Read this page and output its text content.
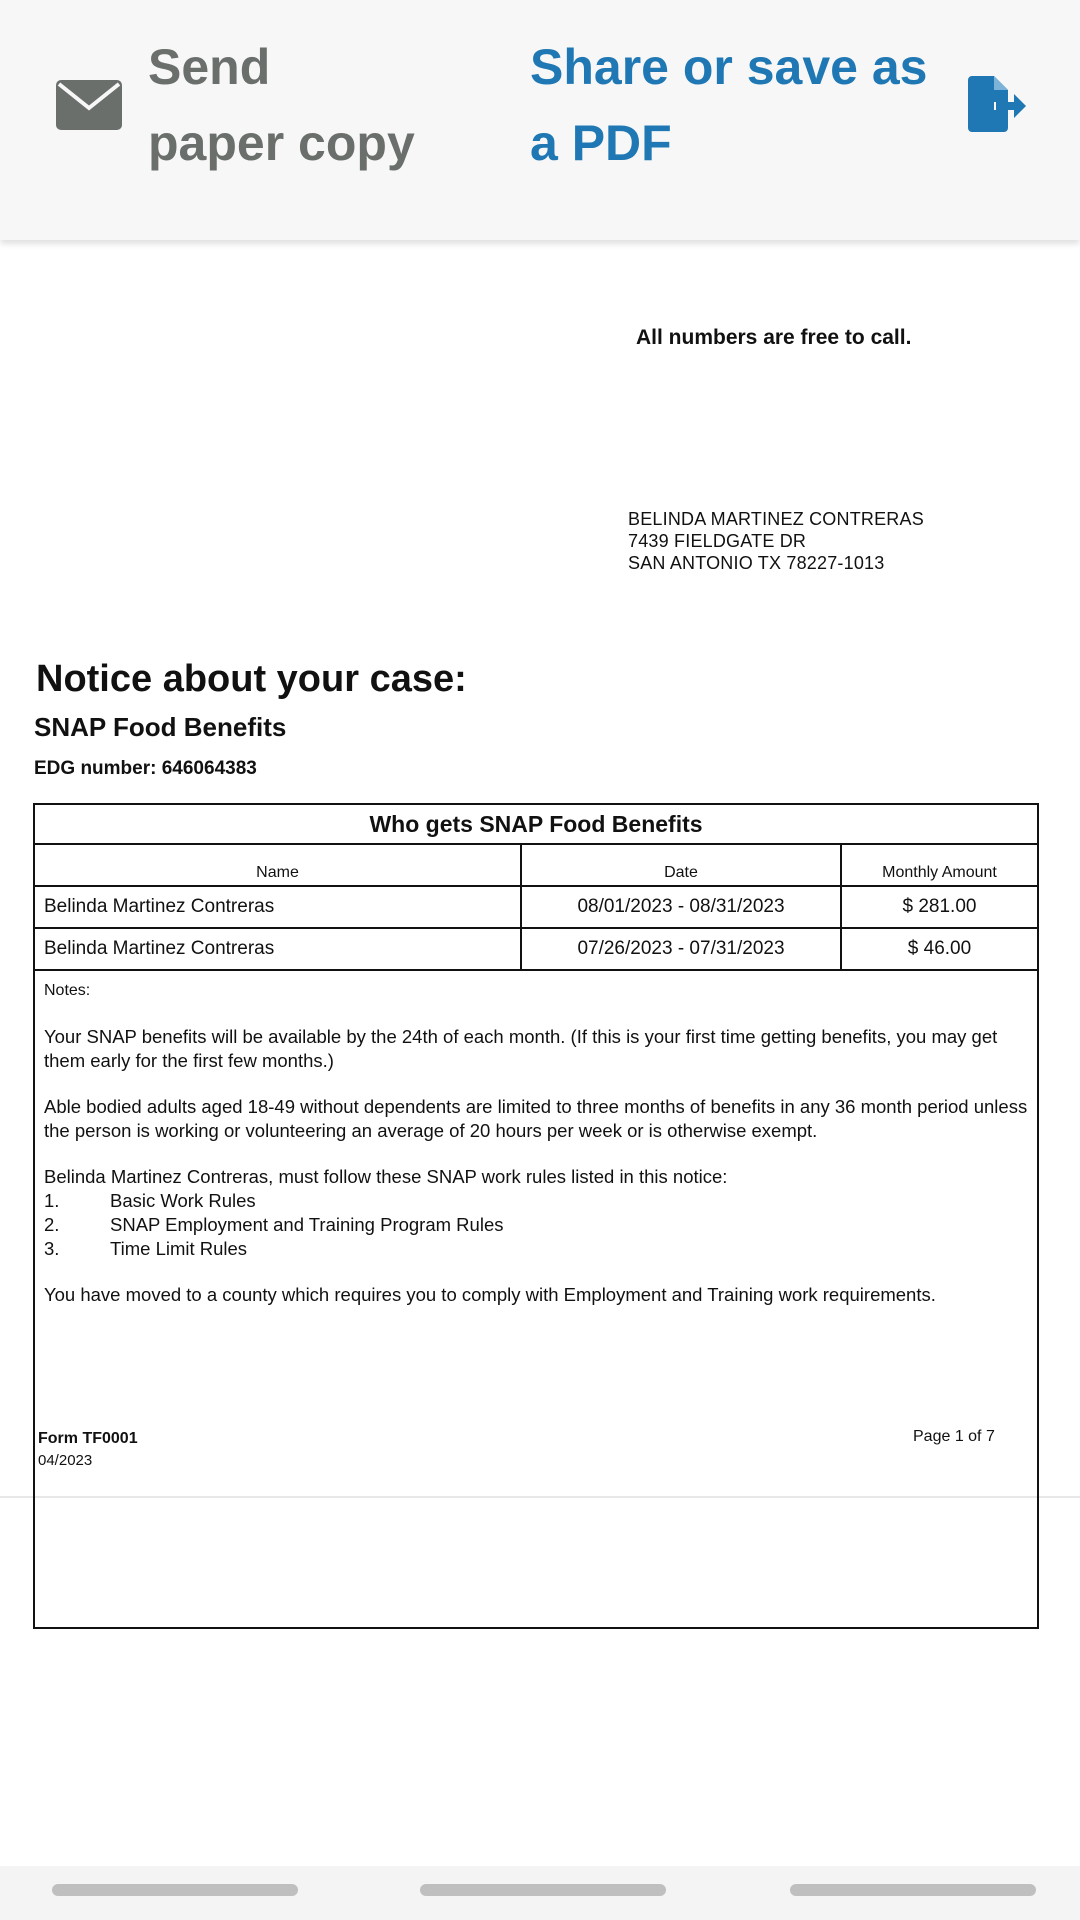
Send
paper copy
Share or save as
a PDF
All numbers are free to call.
BELINDA MARTINEZ CONTRERAS
7439 FIELDGATE DR
SAN ANTONIO TX 78227-1013
Notice about your case:
SNAP Food Benefits
EDG number: 646064383
Who gets SNAP Food Benefits
Name	Date	Monthly Amount
Belinda Martinez Contreras	08/01/2023 - 08/31/2023	$ 281.00
Belinda Martinez Contreras	07/26/2023 - 07/31/2023	$ 46.00
Notes:

Your SNAP benefits will be available by the 24th of each month. (If this is your first time getting benefits, you may get them early for the first few months.)

Able bodied adults aged 18-49 without dependents are limited to three months of benefits in any 36 month period unless the person is working or volunteering an average of 20 hours per week or is otherwise exempt.

Belinda Martinez Contreras, must follow these SNAP work rules listed in this notice:
1.	Basic Work Rules
2.	SNAP Employment and Training Program Rules
3.	Time Limit Rules

You have moved to a county which requires you to comply with Employment and Training work requirements.

Form TF0001
04/2023
Page 1 of 7
